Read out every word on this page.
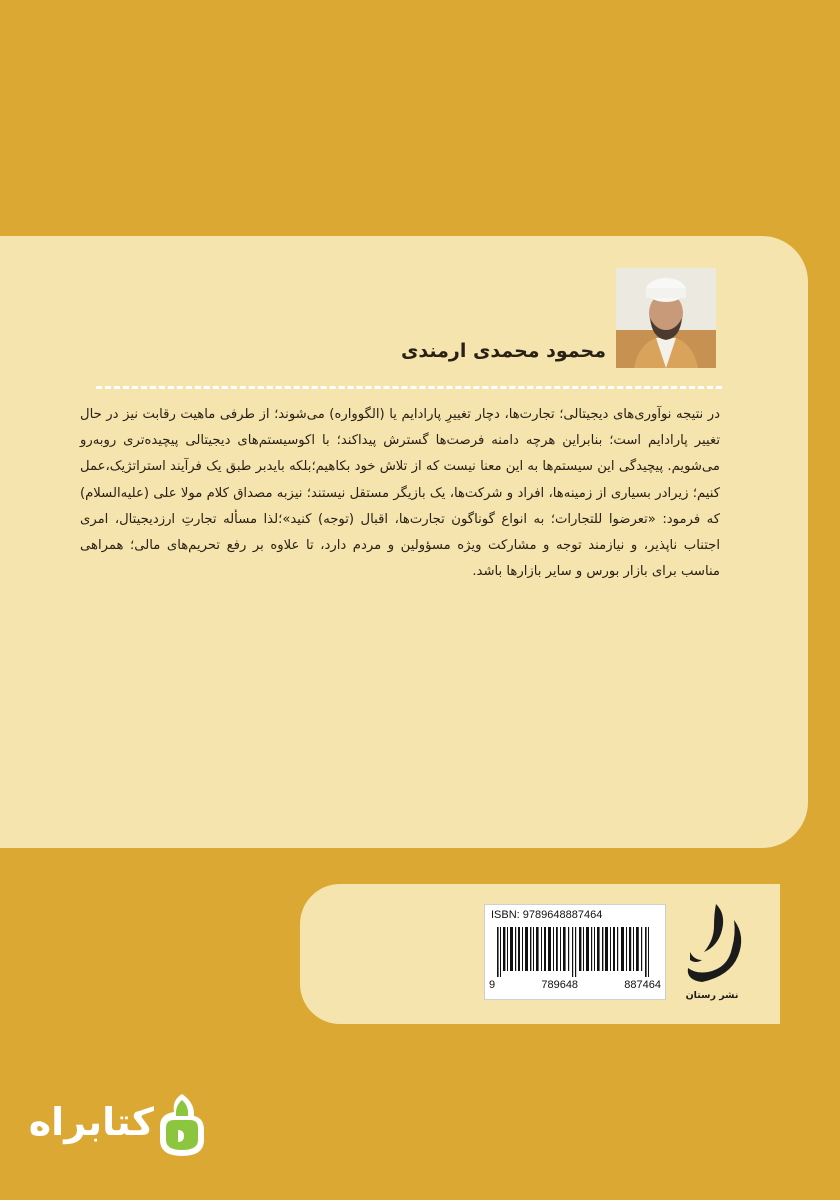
محمود محمدی ارمندی
در نتیجه نوآوری‌های دیجیتالی؛ تجارت‌ها، دچار تغییرِ پارادایم یا (الگوواره) می‌شوند؛ از طرفی ماهیت رقابت نیز در حال تغییر پارادایم است؛ بنابراین هرچه دامنه فرصت‌ها گسترش پیداکند؛ با اکوسیستم‌های دیجیتالی پیچیده‌تری روبه‌رو می‌شویم. پیچیدگی این سیستم‌ها به این معنا نیست که از تلاش خود بکاهیم؛بلکه بایدبر طبق یک فرآیند استراتژیک،عمل کنیم؛ زیرادر بسیاری از زمینه‌ها، افراد و شرکت‌ها، یک بازیگر مستقل نیستند؛ نیزبه مصداق کلام مولا علی (علیه‌السلام) که فرمود: «تعرضوا للتجارات؛ به انواع گوناگون تجارت‌ها، اقبال (توجه) کنید»؛لذا مسأله تجارتِ ارزدیجیتال، امری اجتناب ناپذیر، و نیازمند توجه و مشارکت ویژه مسؤولین و مردم دارد، تا علاوه بر رفع تحریم‌های مالی؛ همراهی مناسب برای بازار بورس و سایر بازارها باشد.
ISBN: 9789648887464
9	789648	887464
نشر رستان
کتابراه
